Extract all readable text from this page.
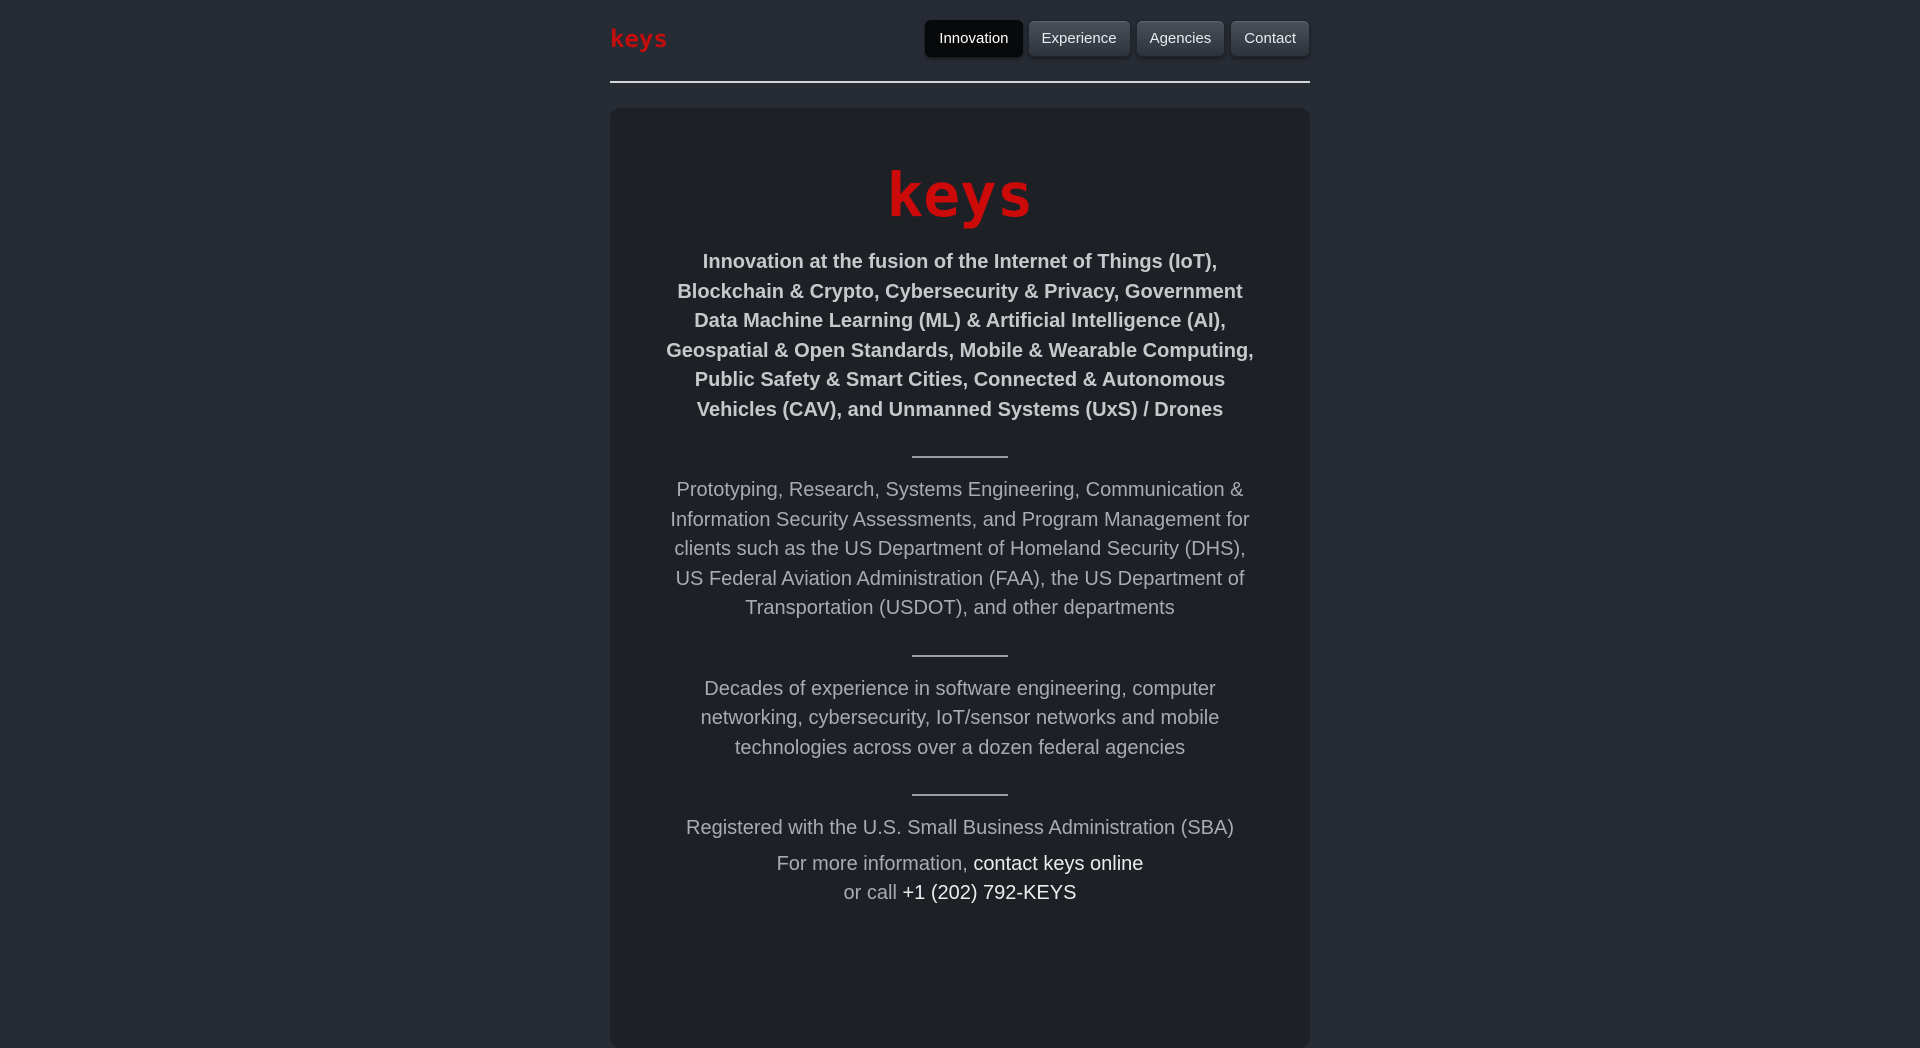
keys	Innovation	Experience	Agencies	Contact
keys

Innovation at the fusion of the Internet of Things (IoT), Blockchain & Crypto, Cybersecurity & Privacy, Government Data Machine Learning (ML) & Artificial Intelligence (AI), Geospatial & Open Standards, Mobile & Wearable Computing, Public Safety & Smart Cities, Connected & Autonomous Vehicles (CAV), and Unmanned Systems (UxS) / Drones

Prototyping, Research, Systems Engineering, Communication & Information Security Assessments, and Program Management for clients such as the US Department of Homeland Security (DHS), US Federal Aviation Administration (FAA), the US Department of Transportation (USDOT), and other departments

Decades of experience in software engineering, computer networking, cybersecurity, IoT/sensor networks and mobile technologies across over a dozen federal agencies

Registered with the U.S. Small Business Administration (SBA)

For more information, contact keys online
or call +1 (202) 792-KEYS
